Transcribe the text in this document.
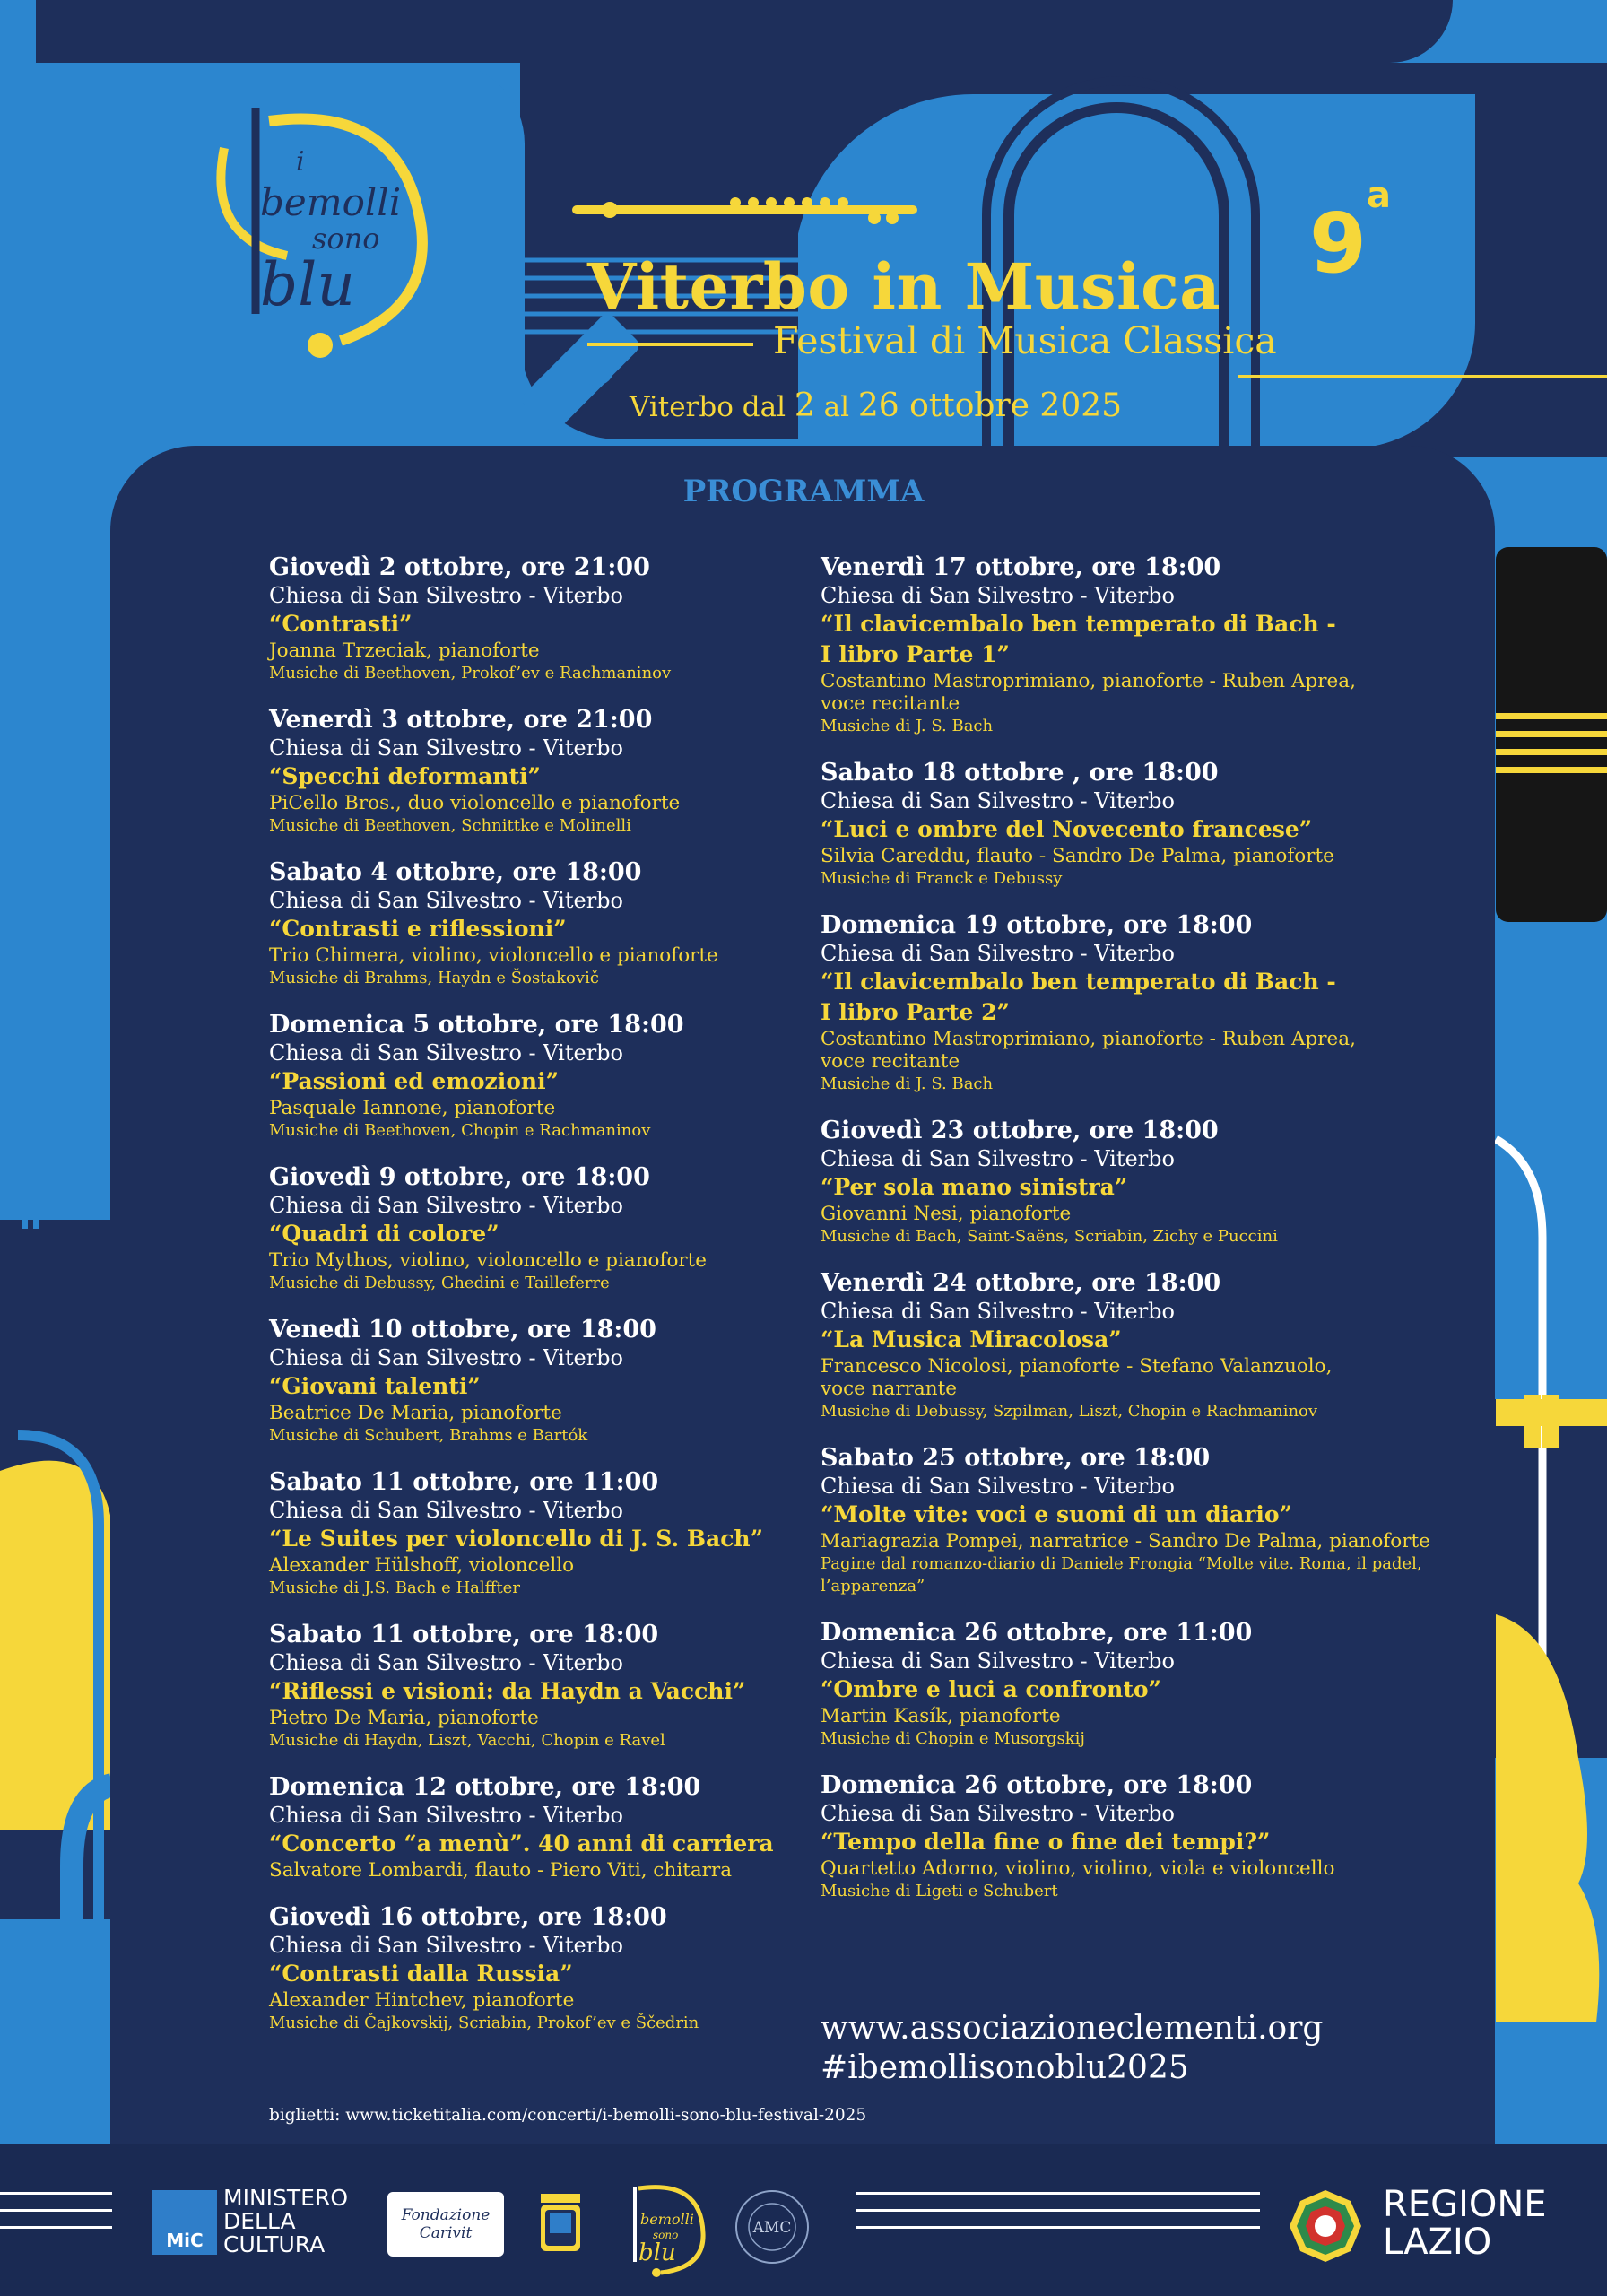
i
bemolli
sono
blu	Viterbo in Musica
Festival di Musica Classica
Viterbo dal 2 al 26 ottobre 2025
9$^a$
PROGRAMMA
Giovedì 2 ottobre, ore 21:00
Chiesa di San Silvestro - Viterbo
“Contrasti”
Joanna Trzeciak, pianoforte
Musiche di Beethoven, Prokof’ev e Rachmaninov
Venerdì 3 ottobre, ore 21:00
Chiesa di San Silvestro - Viterbo
“Specchi deformanti”
PiCello Bros., duo violoncello e pianoforte
Musiche di Beethoven, Schnittke e Molinelli
Sabato 4 ottobre, ore 18:00
Chiesa di San Silvestro - Viterbo
“Contrasti e riflessioni”
Trio Chimera, violino, violoncello e pianoforte
Musiche di Brahms, Haydn e Šostakovič
Domenica 5 ottobre, ore 18:00
Chiesa di San Silvestro - Viterbo
“Passioni ed emozioni”
Pasquale Iannone, pianoforte
Musiche di Beethoven, Chopin e Rachmaninov
Giovedì 9 ottobre, ore 18:00
Chiesa di San Silvestro - Viterbo
“Quadri di colore”
Trio Mythos, violino, violoncello e pianoforte
Musiche di Debussy, Ghedini e Tailleferre
Venedì 10 ottobre, ore 18:00
Chiesa di San Silvestro - Viterbo
“Giovani talenti”
Beatrice De Maria, pianoforte
Musiche di Schubert, Brahms e Bartók
Sabato 11 ottobre, ore 11:00
Chiesa di San Silvestro - Viterbo
“Le Suites per violoncello di J. S. Bach”
Alexander Hülshoff, violoncello
Musiche di J.S. Bach e Halffter
Sabato 11 ottobre, ore 18:00
Chiesa di San Silvestro - Viterbo
“Riflessi e visioni: da Haydn a Vacchi”
Pietro De Maria, pianoforte
Musiche di Haydn, Liszt, Vacchi, Chopin e Ravel
Domenica 12 ottobre, ore 18:00
Chiesa di San Silvestro - Viterbo
“Concerto “a menù”. 40 anni di carriera
Salvatore Lombardi, flauto - Piero Viti, chitarra
Giovedì 16 ottobre, ore 18:00
Chiesa di San Silvestro - Viterbo
“Contrasti dalla Russia”
Alexander Hintchev, pianoforte
Musiche di Čajkovskij, Scriabin, Prokof’ev e Ščedrin
Venerdì 17 ottobre, ore 18:00
Chiesa di San Silvestro - Viterbo
“Il clavicembalo ben temperato di Bach -
I libro Parte 1”
Costantino Mastroprimiano, pianoforte - Ruben Aprea,
voce recitante
Musiche di J. S. Bach
Sabato 18 ottobre , ore 18:00
Chiesa di San Silvestro - Viterbo
“Luci e ombre del Novecento francese”
Silvia Careddu, flauto - Sandro De Palma, pianoforte
Musiche di Franck e Debussy
Domenica 19 ottobre, ore 18:00
Chiesa di San Silvestro - Viterbo
“Il clavicembalo ben temperato di Bach -
I libro Parte 2”
Costantino Mastroprimiano, pianoforte - Ruben Aprea,
voce recitante
Musiche di J. S. Bach
Giovedì 23 ottobre, ore 18:00
Chiesa di San Silvestro - Viterbo
“Per sola mano sinistra”
Giovanni Nesi, pianoforte
Musiche di Bach, Saint-Saëns, Scriabin, Zichy e Puccini
Venerdì 24 ottobre, ore 18:00
Chiesa di San Silvestro - Viterbo
“La Musica Miracolosa”
Francesco Nicolosi, pianoforte - Stefano Valanzuolo,
voce narrante
Musiche di Debussy, Szpilman, Liszt, Chopin e Rachmaninov
Sabato 25 ottobre, ore 18:00
Chiesa di San Silvestro - Viterbo
“Molte vite: voci e suoni di un diario”
Mariagrazia Pompei, narratrice - Sandro De Palma, pianoforte
Pagine dal romanzo-diario di Daniele Frongia “Molte vite. Roma, il padel,
l’apparenza”
Domenica 26 ottobre, ore 11:00
Chiesa di San Silvestro - Viterbo
“Ombre e luci a confronto”
Martin Kasík, pianoforte
Musiche di Chopin e Musorgskij
Domenica 26 ottobre, ore 18:00
Chiesa di San Silvestro - Viterbo
“Tempo della fine o fine dei tempi?”
Quartetto Adorno, violino, violino, viola e violoncello
Musiche di Ligeti e Schubert
www.associazioneclementi.org
#ibemollisonoblu2025
biglietti: www.ticketitalia.com/concerti/i-bemolli-sono-blu-festival-2025
MiC
MINISTERO
DELLA
CULTURA
Fondazione
Carivit
bemolli
sono
blu
AMC
REGIONE
LAZIO
